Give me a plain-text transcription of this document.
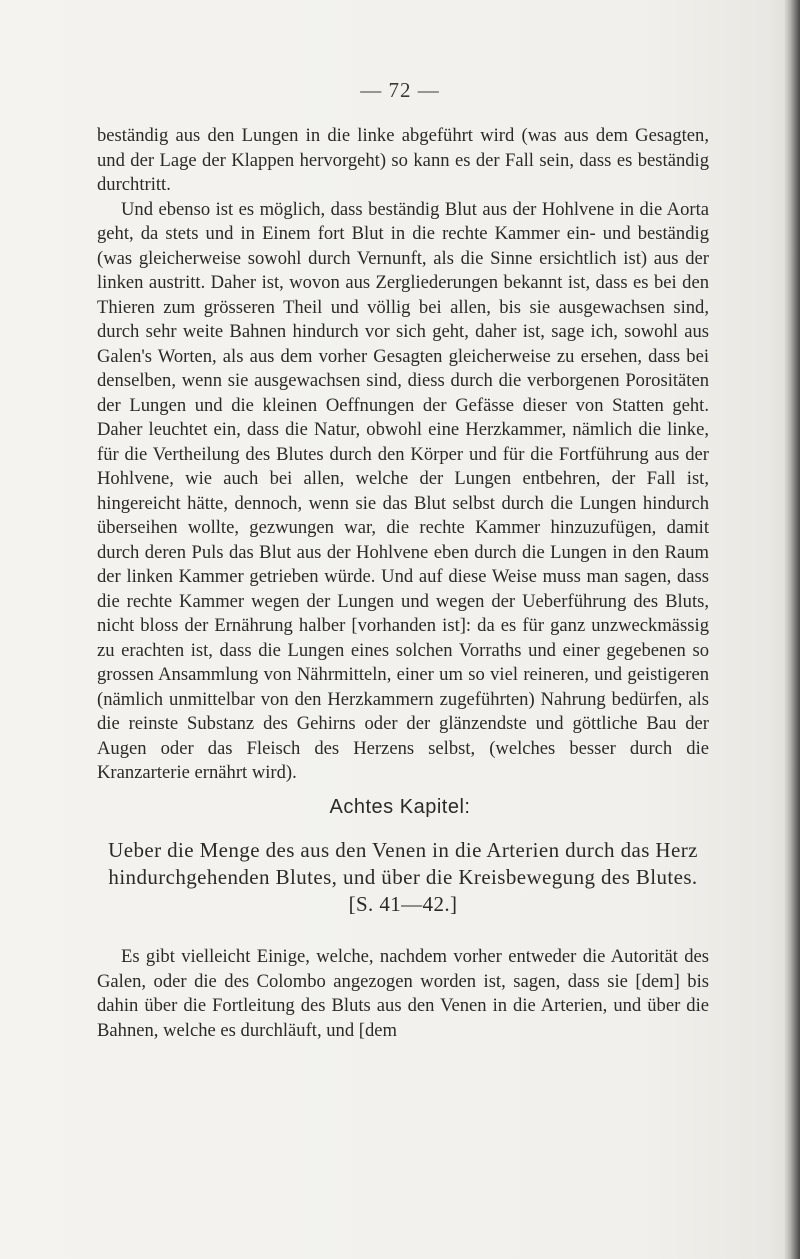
— 72 —

beständig aus den Lungen in die linke abgeführt wird (was aus dem Gesagten, und der Lage der Klappen hervorgeht) so kann es der Fall sein, dass es beständig durchtritt.

Und ebenso ist es möglich, dass beständig Blut aus der Hohlvene in die Aorta geht, da stets und in Einem fort Blut in die rechte Kammer ein- und beständig (was gleicherweise sowohl durch Vernunft, als die Sinne ersichtlich ist) aus der linken austritt. Daher ist, wovon aus Zergliederungen bekannt ist, dass es bei den Thieren zum grösseren Theil und völlig bei allen, bis sie ausgewachsen sind, durch sehr weite Bahnen hindurch vor sich geht, daher ist, sage ich, sowohl aus Galen's Worten, als aus dem vorher Gesagten gleicherweise zu ersehen, dass bei denselben, wenn sie ausgewachsen sind, diess durch die verborgenen Porositäten der Lungen und die kleinen Oeffnungen der Gefässe dieser von Statten geht. Daher leuchtet ein, dass die Natur, obwohl eine Herzkammer, nämlich die linke, für die Vertheilung des Blutes durch den Körper und für die Fortführung aus der Hohlvene, wie auch bei allen, welche der Lungen entbehren, der Fall ist, hingereicht hätte, dennoch, wenn sie das Blut selbst durch die Lungen hindurch überseihen wollte, gezwungen war, die rechte Kammer hinzuzufügen, damit durch deren Puls das Blut aus der Hohlvene eben durch die Lungen in den Raum der linken Kammer getrieben würde. Und auf diese Weise muss man sagen, dass die rechte Kammer wegen der Lungen und wegen der Ueberführung des Bluts, nicht bloss der Ernährung halber [vorhanden ist]: da es für ganz unzweckmässig zu erachten ist, dass die Lungen eines solchen Vorraths und einer gegebenen so grossen Ansammlung von Nährmitteln, einer um so viel reineren, und geistigeren (nämlich unmittelbar von den Herzkammern zugeführten) Nahrung bedürfen, als die reinste Substanz des Gehirns oder der glänzendste und göttliche Bau der Augen oder das Fleisch des Herzens selbst, (welches besser durch die Kranzarterie ernährt wird).

Achtes Kapitel:
Ueber die Menge des aus den Venen in die Arterien durch das Herz hindurchgehenden Blutes, und über die Kreisbewegung des Blutes. [S. 41—42.]

Es gibt vielleicht Einige, welche, nachdem vorher entweder die Autorität des Galen, oder die des Colombo angezogen worden ist, sagen, dass sie [dem] bis dahin über die Fortleitung des Bluts aus den Venen in die Arterien, und über die Bahnen, welche es durchläuft, und [dem
